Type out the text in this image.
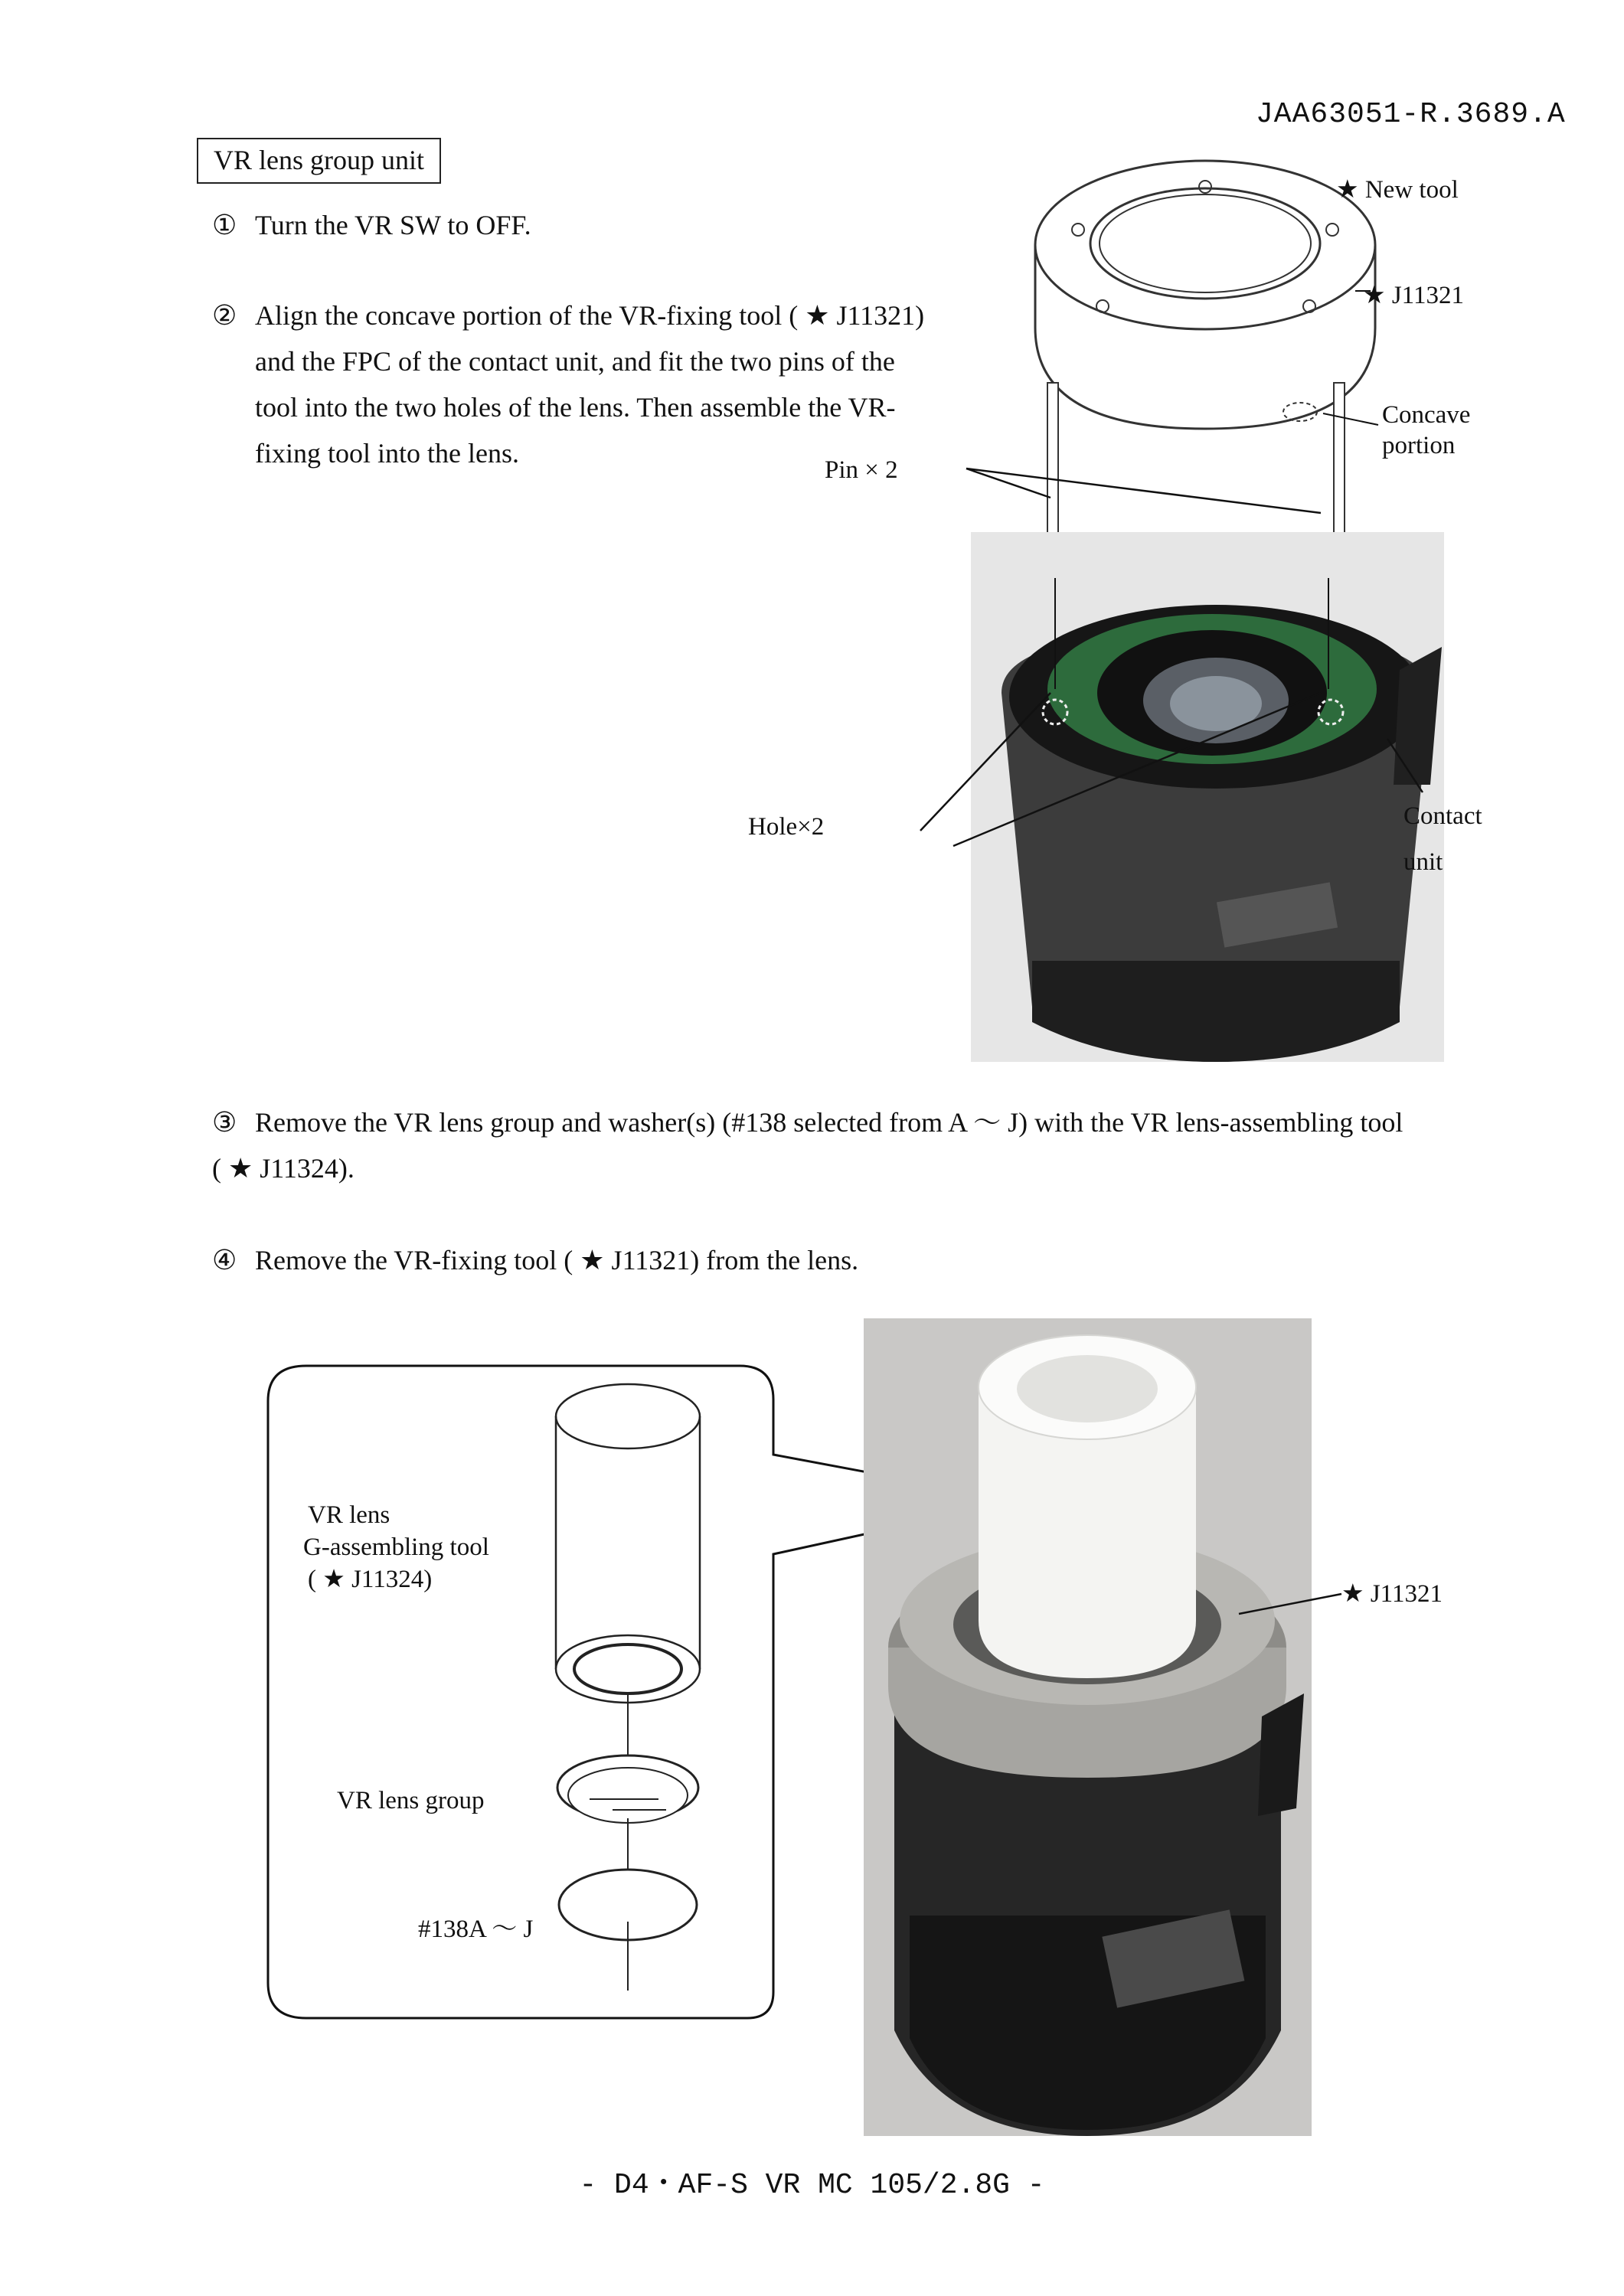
JAA63051-R.3689.A
VR lens group unit
① Turn the VR SW to OFF.
② Align the concave portion of the VR-fixing tool ( ★ J11321)
and the FPC of the contact unit, and fit the two pins of the
tool into the two holes of the lens. Then assemble the VR-
fixing tool into the lens.
★ New tool
★ J11321
Concave
portion
Pin × 2
Hole×2	Contact
unit
③ Remove the VR lens group and washer(s) (#138 selected from A ～ J) with the VR lens-assembling tool
( ★ J11324).
④ Remove the VR-fixing tool ( ★ J11321) from the lens.
VR lens
G-assembling tool
( ★ J11324)
VR lens group
#138A ～ J
★ J11321
- D4・AF-S VR MC 105/2.8G -
